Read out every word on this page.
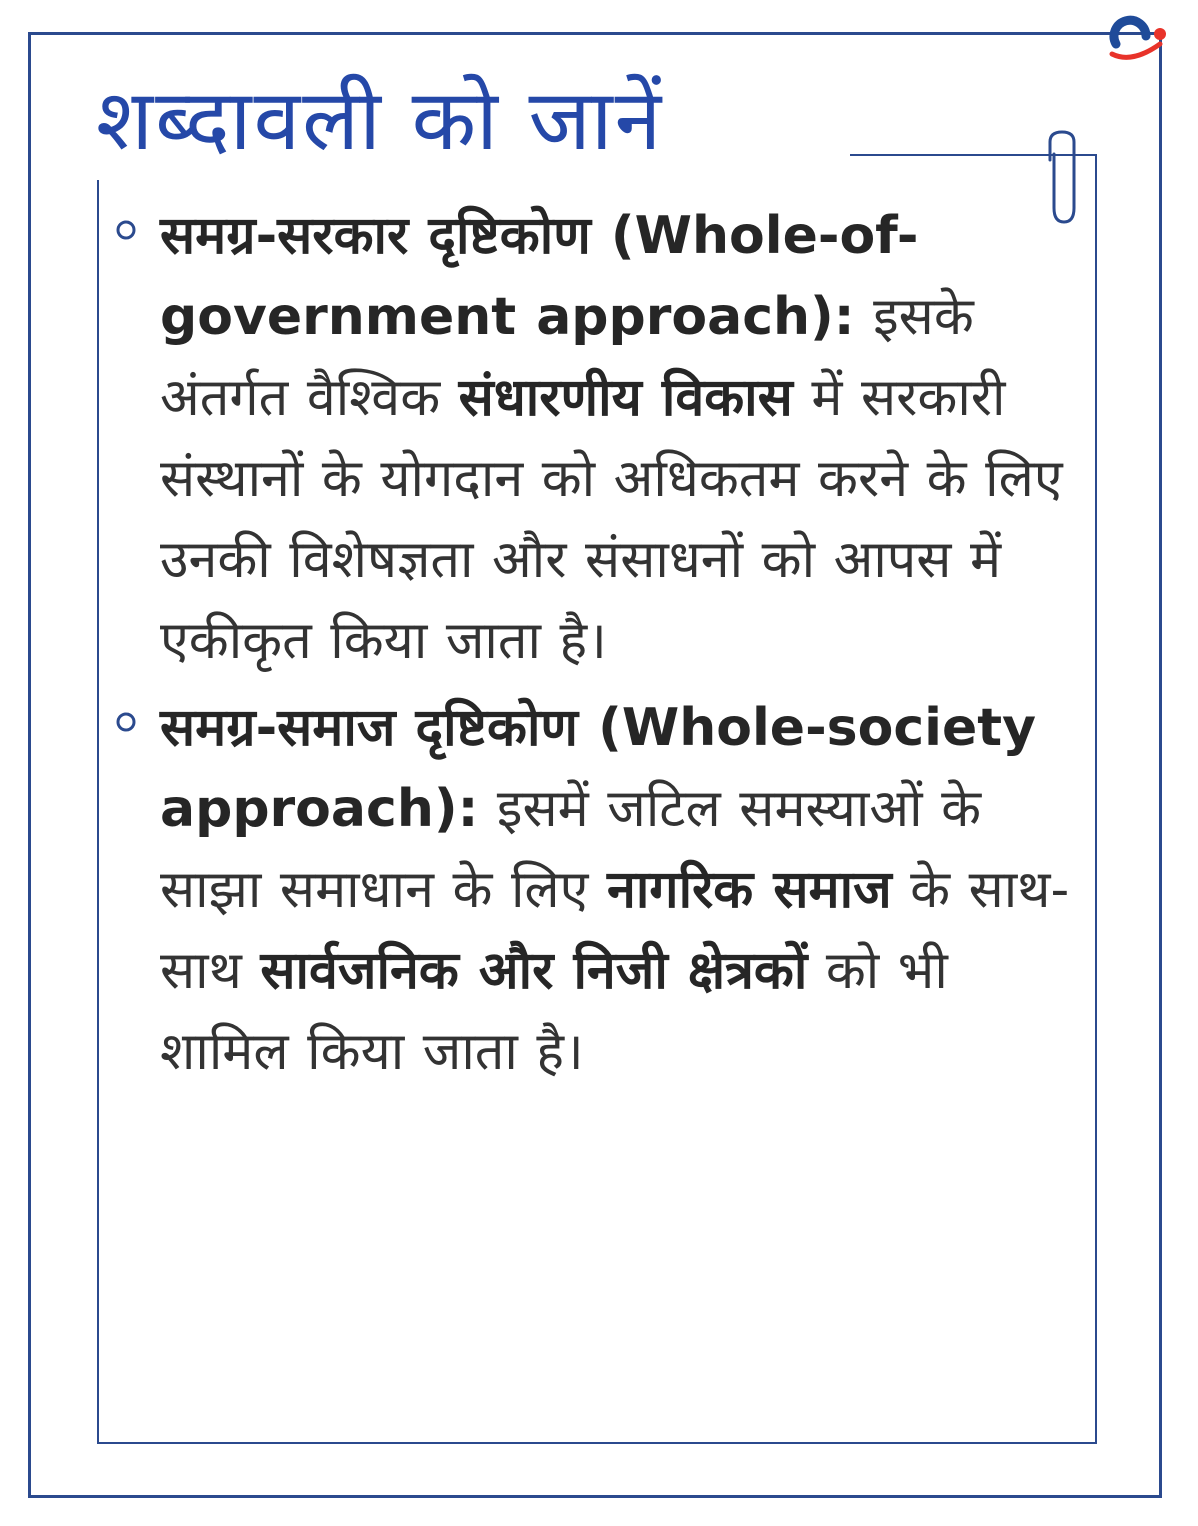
शब्दावली को जानें

समग्र-सरकार दृष्टिकोण (Whole-of-government approach): इसके अंतर्गत वैश्विक संधारणीय विकास में सरकारी संस्थानों के योगदान को अधिकतम करने के लिए उनकी विशेषज्ञता और संसाधनों को आपस में एकीकृत किया जाता है।

समग्र-समाज दृष्टिकोण (Whole-society approach): इसमें जटिल समस्याओं के साझा समाधान के लिए नागरिक समाज के साथ-साथ सार्वजनिक और निजी क्षेत्रकों को भी शामिल किया जाता है।
